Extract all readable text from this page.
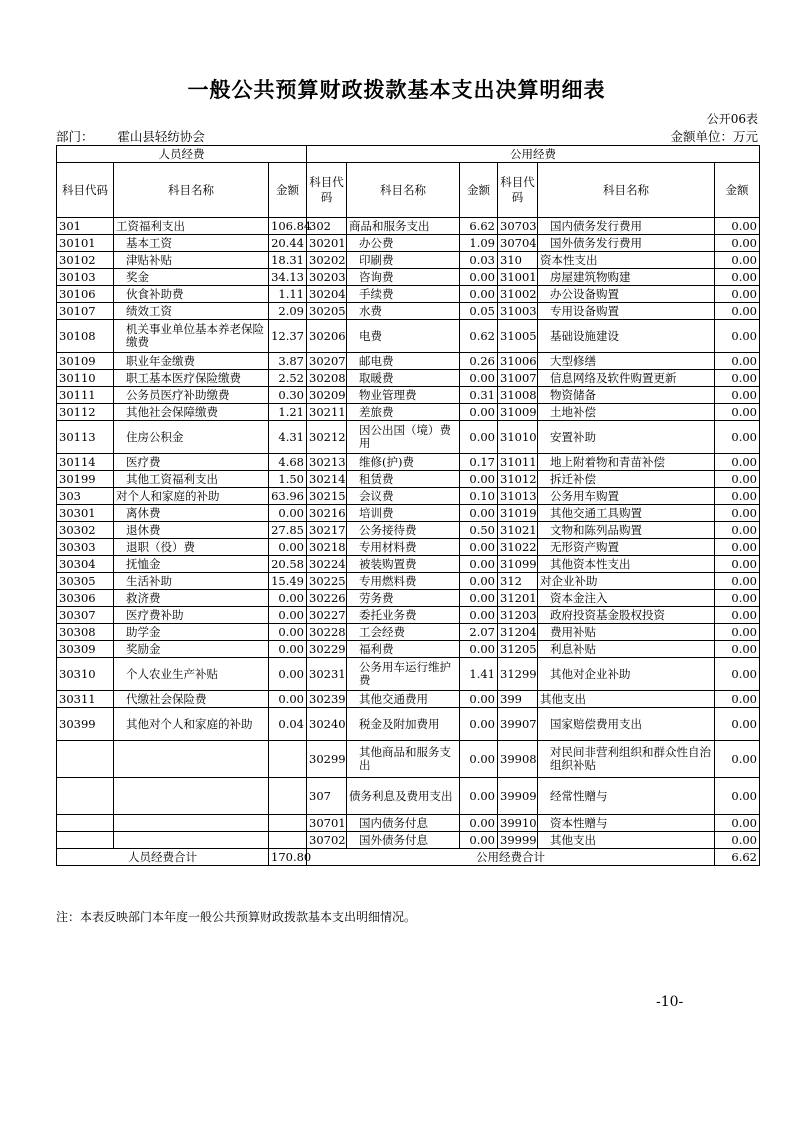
一般公共预算财政拨款基本支出决算明细表
公开06表
部门： 霍山县轻纺协会	金额单位：万元
人员经费			公用经费					
科目代码	科目名称	金额	科目代码	科目名称	金额	科目代码	科目名称	金额
301	工资福利支出	106.84	302	商品和服务支出	6.62	30703	国内债务发行费用	0.00
30101	基本工资	20.44	30201	办公费	1.09	30704	国外债务发行费用	0.00
30102	津贴补贴	18.31	30202	印刷费	0.03	310	资本性支出	0.00
30103	奖金	34.13	30203	咨询费	0.00	31001	房屋建筑物购建	0.00
30106	伙食补助费	1.11	30204	手续费	0.00	31002	办公设备购置	0.00
30107	绩效工资	2.09	30205	水费	0.05	31003	专用设备购置	0.00
30108	机关事业单位基本养老保险缴费	12.37	30206	电费	0.62	31005	基础设施建设	0.00
30109	职业年金缴费	3.87	30207	邮电费	0.26	31006	大型修缮	0.00
30110	职工基本医疗保险缴费	2.52	30208	取暖费	0.00	31007	信息网络及软件购置更新	0.00
30111	公务员医疗补助缴费	0.30	30209	物业管理费	0.31	31008	物资储备	0.00
30112	其他社会保障缴费	1.21	30211	差旅费	0.00	31009	土地补偿	0.00
30113	住房公积金	4.31	30212	因公出国（境）费用	0.00	31010	安置补助	0.00
30114	医疗费	4.68	30213	维修(护)费	0.17	31011	地上附着物和青苗补偿	0.00
30199	其他工资福利支出	1.50	30214	租赁费	0.00	31012	拆迁补偿	0.00
303	对个人和家庭的补助	63.96	30215	会议费	0.10	31013	公务用车购置	0.00
30301	离休费	0.00	30216	培训费	0.00	31019	其他交通工具购置	0.00
30302	退休费	27.85	30217	公务接待费	0.50	31021	文物和陈列品购置	0.00
30303	退职（役）费	0.00	30218	专用材料费	0.00	31022	无形资产购置	0.00
30304	抚恤金	20.58	30224	被装购置费	0.00	31099	其他资本性支出	0.00
30305	生活补助	15.49	30225	专用燃料费	0.00	312	对企业补助	0.00
30306	救济费	0.00	30226	劳务费	0.00	31201	资本金注入	0.00
30307	医疗费补助	0.00	30227	委托业务费	0.00	31203	政府投资基金股权投资	0.00
30308	助学金	0.00	30228	工会经费	2.07	31204	费用补贴	0.00
30309	奖励金	0.00	30229	福利费	0.00	31205	利息补贴	0.00
30310	个人农业生产补贴	0.00	30231	公务用车运行维护费	1.41	31299	其他对企业补助	0.00
30311	代缴社会保险费	0.00	30239	其他交通费用	0.00	399	其他支出	0.00
30399	其他对个人和家庭的补助	0.04	30240	税金及附加费用	0.00	39907	国家赔偿费用支出	0.00
			30299	其他商品和服务支出	0.00	39908	对民间非营利组织和群众性自治组织补贴	0.00
			307	债务利息及费用支出	0.00	39909	经常性赠与	0.00
			30701	国内债务付息	0.00	39910	资本性赠与	0.00
			30702	国外债务付息	0.00	39999	其他支出	0.00
人员经费合计		170.80	公用经费合计					6.62
注：本表反映部门本年度一般公共预算财政拨款基本支出明细情况。
-10-
